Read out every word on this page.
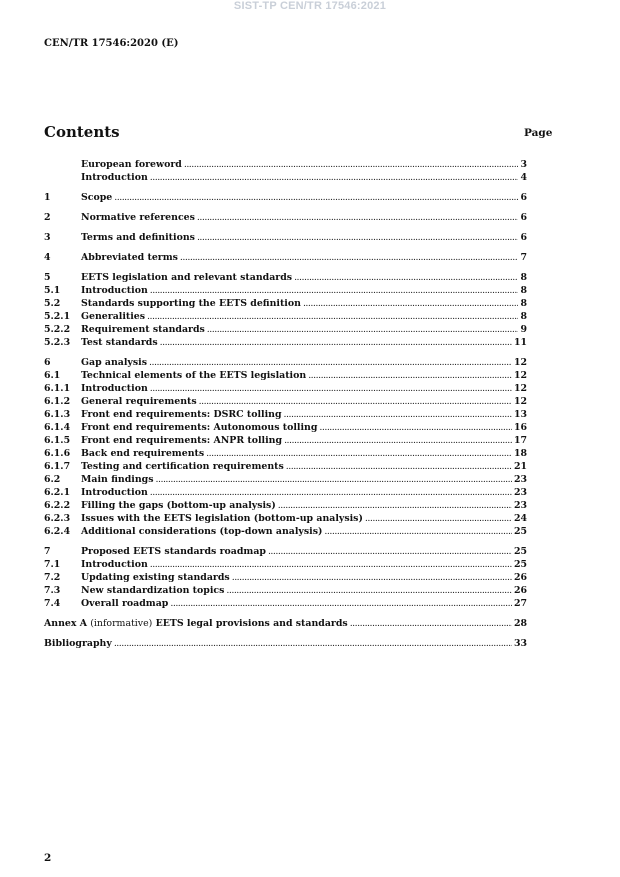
SIST-TP CEN/TR 17546:2021
CEN/TR 17546:2020 (E)
Contents	Page
European foreword .....	3
Introduction .....	4
1	Scope .....	6
2	Normative references .....	6
3	Terms and definitions .....	6
4	Abbreviated terms .....	7
5	EETS legislation and relevant standards .....	8
5.1	Introduction .....	8
5.2	Standards supporting the EETS definition .....	8
5.2.1	Generalities .....	8
5.2.2	Requirement standards .....	9
5.2.3	Test standards .....	11
6	Gap analysis .....	12
6.1	Technical elements of the EETS legislation .....	12
6.1.1	Introduction .....	12
6.1.2	General requirements .....	12
6.1.3	Front end requirements: DSRC tolling .....	13
6.1.4	Front end requirements: Autonomous tolling .....	16
6.1.5	Front end requirements: ANPR tolling .....	17
6.1.6	Back end requirements .....	18
6.1.7	Testing and certification requirements .....	21
6.2	Main findings .....	23
6.2.1	Introduction .....	23
6.2.2	Filling the gaps (bottom-up analysis) .....	23
6.2.3	Issues with the EETS legislation (bottom-up analysis) .....	24
6.2.4	Additional considerations (top-down analysis) .....	25
7	Proposed EETS standards roadmap .....	25
7.1	Introduction .....	25
7.2	Updating existing standards .....	26
7.3	New standardization topics .....	26
7.4	Overall roadmap .....	27
Annex A (informative) EETS legal provisions and standards .....	28
Bibliography .....	33
2
